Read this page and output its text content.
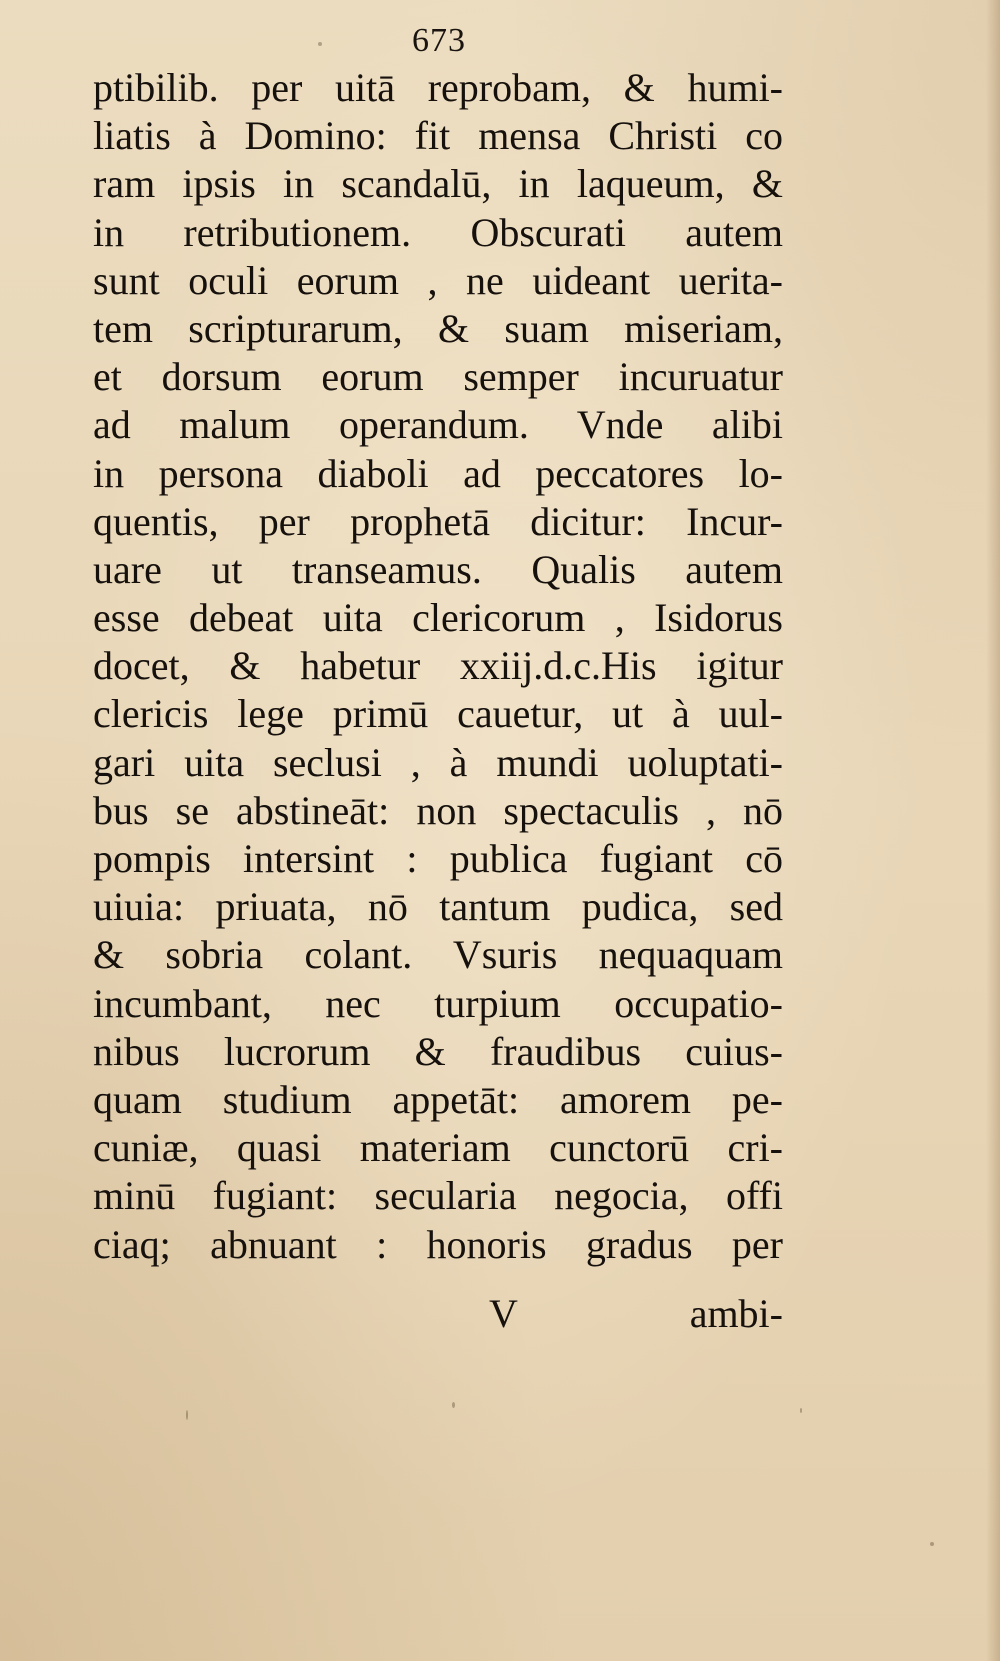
673
ptibilib. per uitā reprobam, & humi-
liatis à Domino: fit mensa Christi co
ram ipsis in scandalū, in laqueum, &
in retributionem. Obscurati autem
sunt oculi eorum , ne uideant uerita-
tem scripturarum, & suam miseriam,
et dorsum eorum semper incuruatur
ad malum operandum. Vnde alibi
in persona diaboli ad peccatores lo-
quentis, per prophetā dicitur: Incur-
uare ut transeamus. Qualis autem
esse debeat uita clericorum , Isidorus
docet, & habetur xxiij.d.c.His igitur
clericis lege primū cauetur, ut à uul-
gari uita seclusi , à mundi uoluptati-
bus se abstineāt: non spectaculis , nō
pompis intersint : publica fugiant cō
uiuia: priuata, nō tantum pudica, sed
& sobria colant. Vsuris nequaquam
incumbant, nec turpium occupatio-
nibus lucrorum & fraudibus cuius-
quam studium appetāt: amorem pe-
cuniæ, quasi materiam cunctorū cri-
minū fugiant: secularia negocia, offi
ciaq; abnuant : honoris gradus per
V	ambi-
